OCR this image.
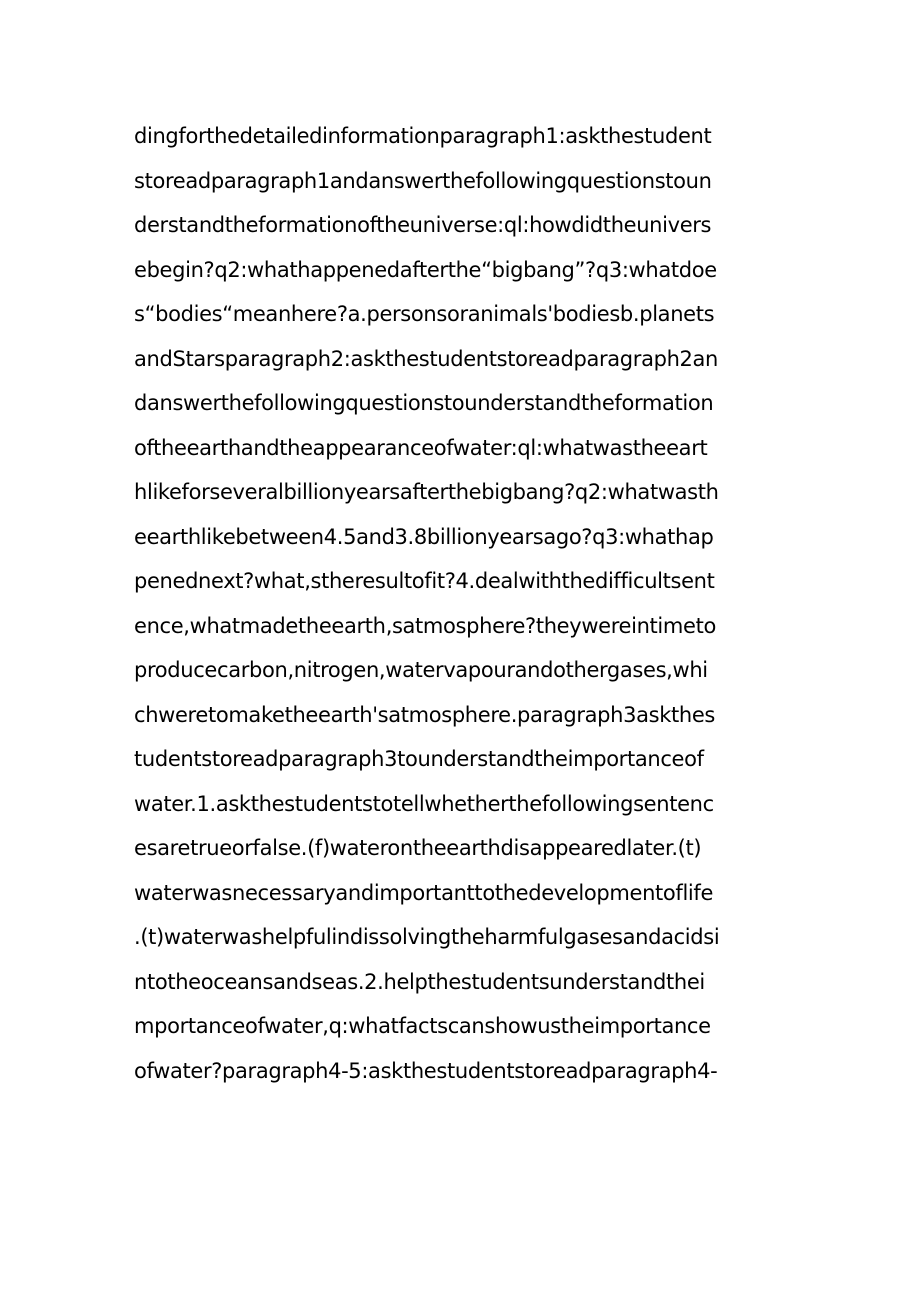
dingforthedetailedinformationparagraph1:askthestudent
storeadparagraph1andanswerthefollowingquestionstoun
derstandtheformationoftheuniverse:ql:howdidtheunivers
ebegin?q2:whathappenedafterthe“bigbang”?q3:whatdoe
s“bodies“meanhere?a.personsoranimals'bodiesb.planets
andStarsparagraph2:askthestudentstoreadparagraph2an
danswerthefollowingquestionstounderstandtheformation
oftheearthandtheappearanceofwater:ql:whatwastheeart
hlikeforseveralbillionyearsafterthebigbang?q2:whatwasth
eearthlikebetween4.5and3.8billionyearsago?q3:whathap
penednext?what‚stheresultofit?4.dealwiththedifficultsent
ence,whatmadetheearth‚satmosphere?theywereintimeto
producecarbon,nitrogen,watervapourandothergases,whi
chweretomaketheearth'satmosphere.paragraph3askthes
tudentstoreadparagraph3tounderstandtheimportanceof
water.1.askthestudentstotellwhetherthefollowingsentenc
esaretrueorfalse.(f)waterontheearthdisappearedlater.(t)
waterwasnecessaryandimportanttothedevelopmentoflife
.(t)waterwashelpfulindissolvingtheharmfulgasesandacidsi
ntotheoceansandseas.2.helpthestudentsunderstandthei
mportanceofwater,q:whatfactscanshowustheimportance
ofwater?paragraph4-5:askthestudentstoreadparagraph4-
